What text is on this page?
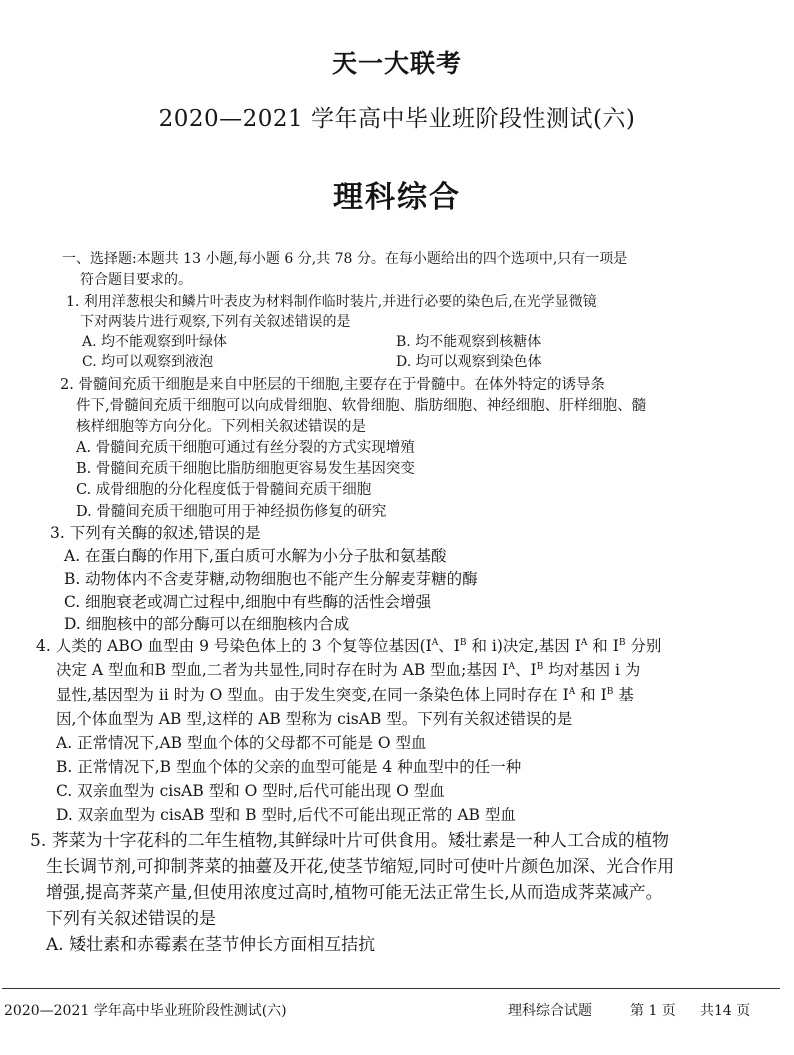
天一大联考
2020—2021 学年高中毕业班阶段性测试(六)
理科综合
一、选择题:本题共 13 小题,每小题 6 分,共 78 分。在每小题给出的四个选项中,只有一项是
符合题目要求的。
1. 利用洋葱根尖和鳞片叶表皮为材料制作临时装片,并进行必要的染色后,在光学显微镜
下对两装片进行观察,下列有关叙述错误的是
A. 均不能观察到叶绿体	B. 均不能观察到核糖体
C. 均可以观察到液泡	D. 均可以观察到染色体
2. 骨髓间充质干细胞是来自中胚层的干细胞,主要存在于骨髓中。在体外特定的诱导条
件下,骨髓间充质干细胞可以向成骨细胞、软骨细胞、脂肪细胞、神经细胞、肝样细胞、髓
核样细胞等方向分化。下列相关叙述错误的是
A. 骨髓间充质干细胞可通过有丝分裂的方式实现增殖
B. 骨髓间充质干细胞比脂肪细胞更容易发生基因突变
C. 成骨细胞的分化程度低于骨髓间充质干细胞
D. 骨髓间充质干细胞可用于神经损伤修复的研究
3. 下列有关酶的叙述,错误的是
A. 在蛋白酶的作用下,蛋白质可水解为小分子肽和氨基酸
B. 动物体内不含麦芽糖,动物细胞也不能产生分解麦芽糖的酶
C. 细胞衰老或凋亡过程中,细胞中有些酶的活性会增强
D. 细胞核中的部分酶可以在细胞核内合成
4. 人类的 ABO 血型由 9 号染色体上的 3 个复等位基因($I^A$、$I^B$ 和 i)决定,基因 $I^A$ 和 $I^B$ 分别
决定 A 型血和B 型血,二者为共显性,同时存在时为 AB 型血;基因 $I^A$、$I^B$ 均对基因 i 为
显性,基因型为 ii 时为 O 型血。由于发生突变,在同一条染色体上同时存在 $I^A$ 和 $I^B$ 基
因,个体血型为 AB 型,这样的 AB 型称为 cisAB 型。下列有关叙述错误的是
A. 正常情况下,AB 型血个体的父母都不可能是 O 型血
B. 正常情况下,B 型血个体的父亲的血型可能是 4 种血型中的任一种
C. 双亲血型为 cisAB 型和 O 型时,后代可能出现 O 型血
D. 双亲血型为 cisAB 型和 B 型时,后代不可能出现正常的 AB 型血
5. 荠菜为十字花科的二年生植物,其鲜绿叶片可供食用。矮壮素是一种人工合成的植物
生长调节剂,可抑制荠菜的抽薹及开花,使茎节缩短,同时可使叶片颜色加深、光合作用
增强,提高荠菜产量,但使用浓度过高时,植物可能无法正常生长,从而造成荠菜减产。
下列有关叙述错误的是
A. 矮壮素和赤霉素在茎节伸长方面相互拮抗
2020—2021 学年高中毕业班阶段性测试(六)	理科综合试题	第 1 页 共14 页
